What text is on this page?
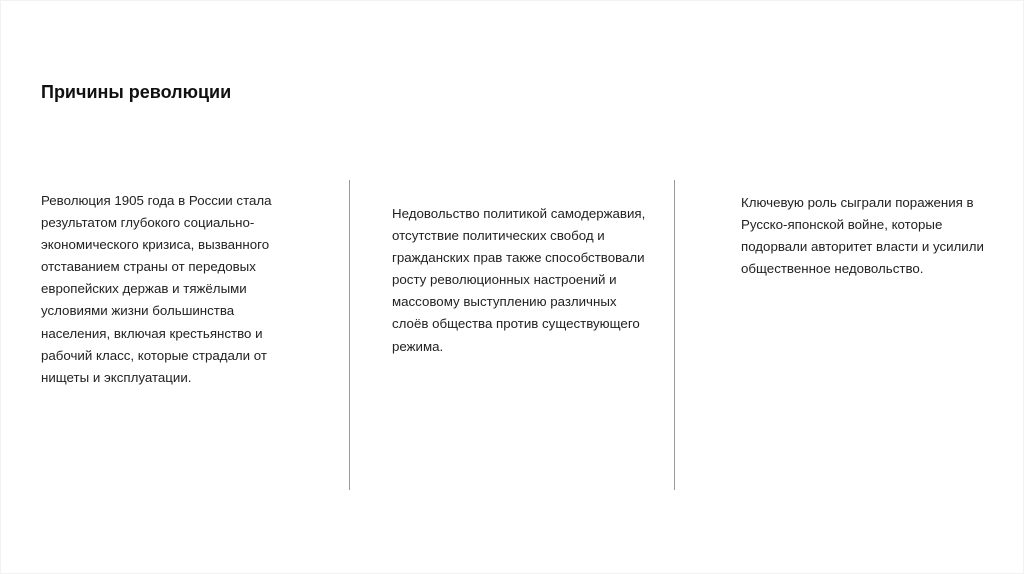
Причины революции
Революция 1905 года в России стала
результатом глубокого социально-
экономического кризиса, вызванного
отставанием страны от передовых
европейских держав и тяжёлыми
условиями жизни большинства
населения, включая крестьянство и
рабочий класс, которые страдали от
нищеты и эксплуатации.
Недовольство политикой самодержавия,
отсутствие политических свобод и
гражданских прав также способствовали
росту революционных настроений и
массовому выступлению различных
слоёв общества против существующего
режима.
Ключевую роль сыграли поражения в
Русско-японской войне, которые
подорвали авторитет власти и усилили
общественное недовольство.
